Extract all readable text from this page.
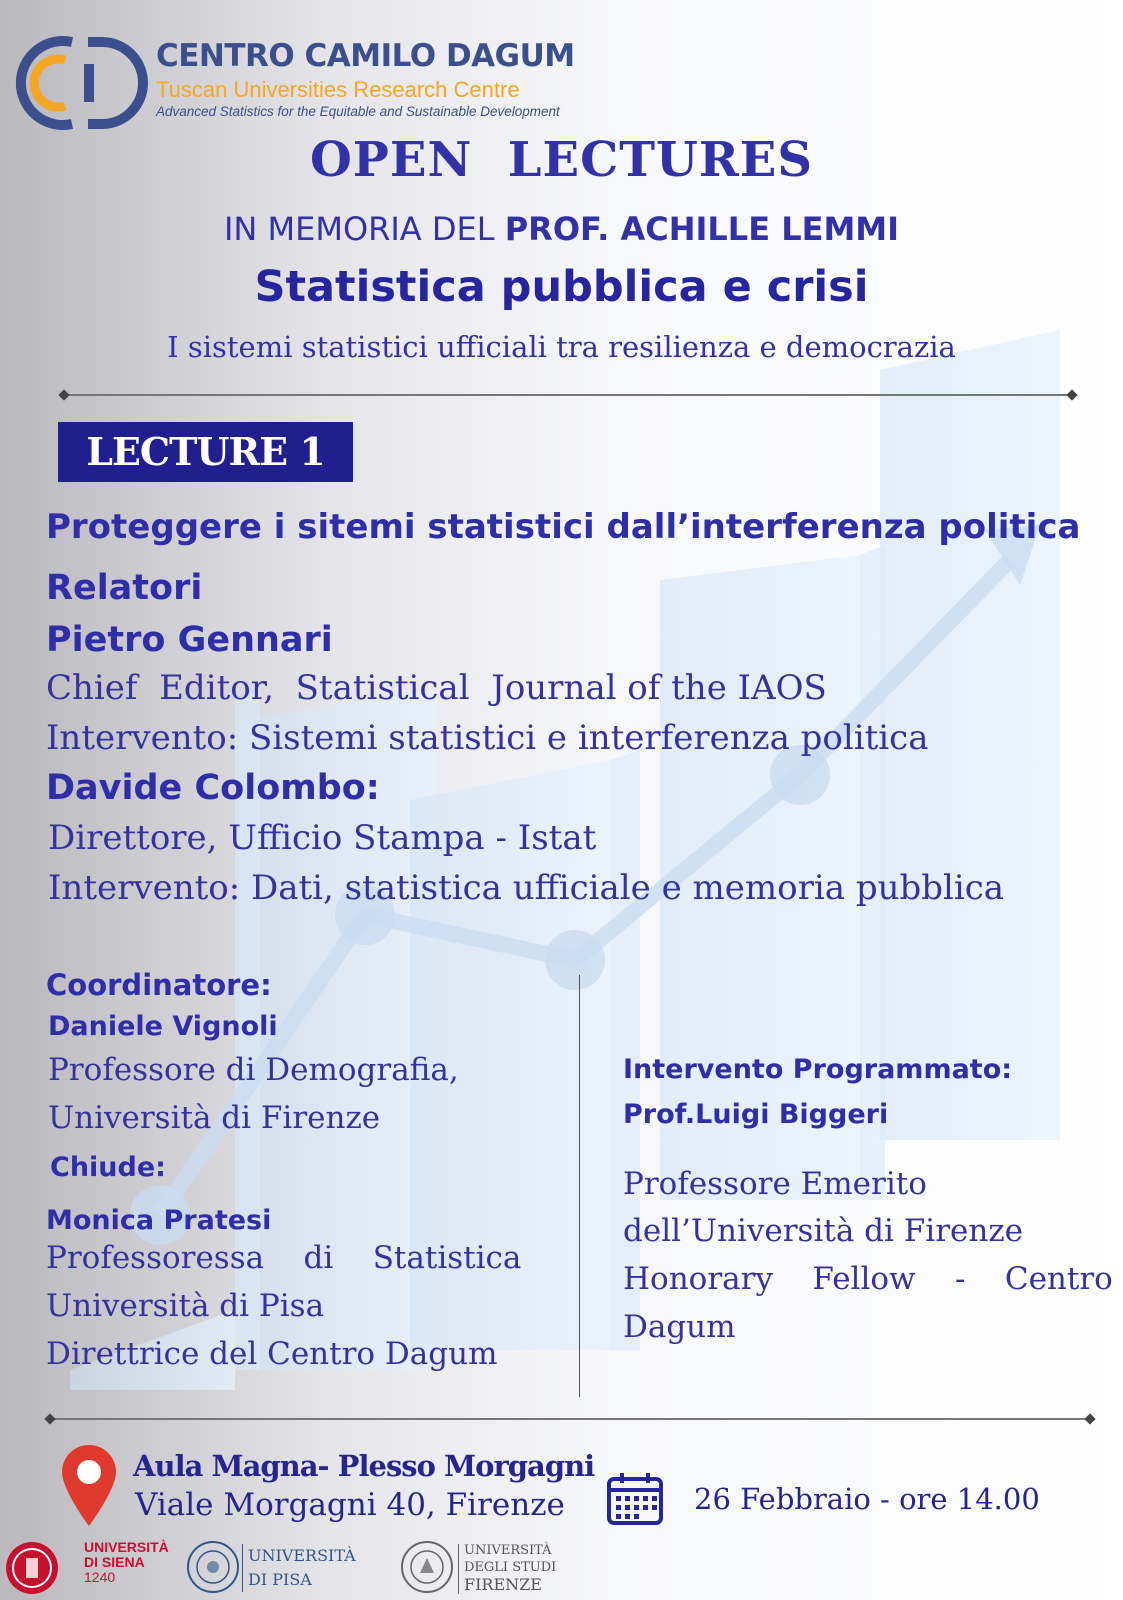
CENTRO CAMILO DAGUM
Tuscan Universities Research Centre
Advanced Statistics for the Equitable and Sustainable Development
OPEN  LECTURES
IN MEMORIA DEL PROF. ACHILLE LEMMI
Statistica pubblica e crisi
I sistemi statistici ufficiali tra resilienza e democrazia
LECTURE 1
Proteggere i sitemi statistici dall’interferenza politica
Relatori
Pietro Gennari
Chief  Editor,  Statistical  Journal of the IAOS
Intervento: Sistemi statistici e interferenza politica
Davide Colombo:
Direttore, Ufficio Stampa - Istat
Intervento: Dati, statistica ufficiale e memoria pubblica
Coordinatore:
Daniele Vignoli
Professore di Demografia,
Università di Firenze
Chiude:
Monica Pratesi
Professoressa    di    Statistica
Università di Pisa
Direttrice del Centro Dagum
Intervento Programmato:
Prof.Luigi Biggeri
Professore Emerito
dell’Università di Firenze
Honorary    Fellow    -    Centro
Dagum
Aula Magna- Plesso Morgagni
Viale Morgagni 40, Firenze	26 Febbraio - ore 14.00
UNIVERSITÀ
DI SIENA
1240
UNIVERSITÀ
DI PISA
UNIVERSITÀ
DEGLI STUDI
FIRENZE
